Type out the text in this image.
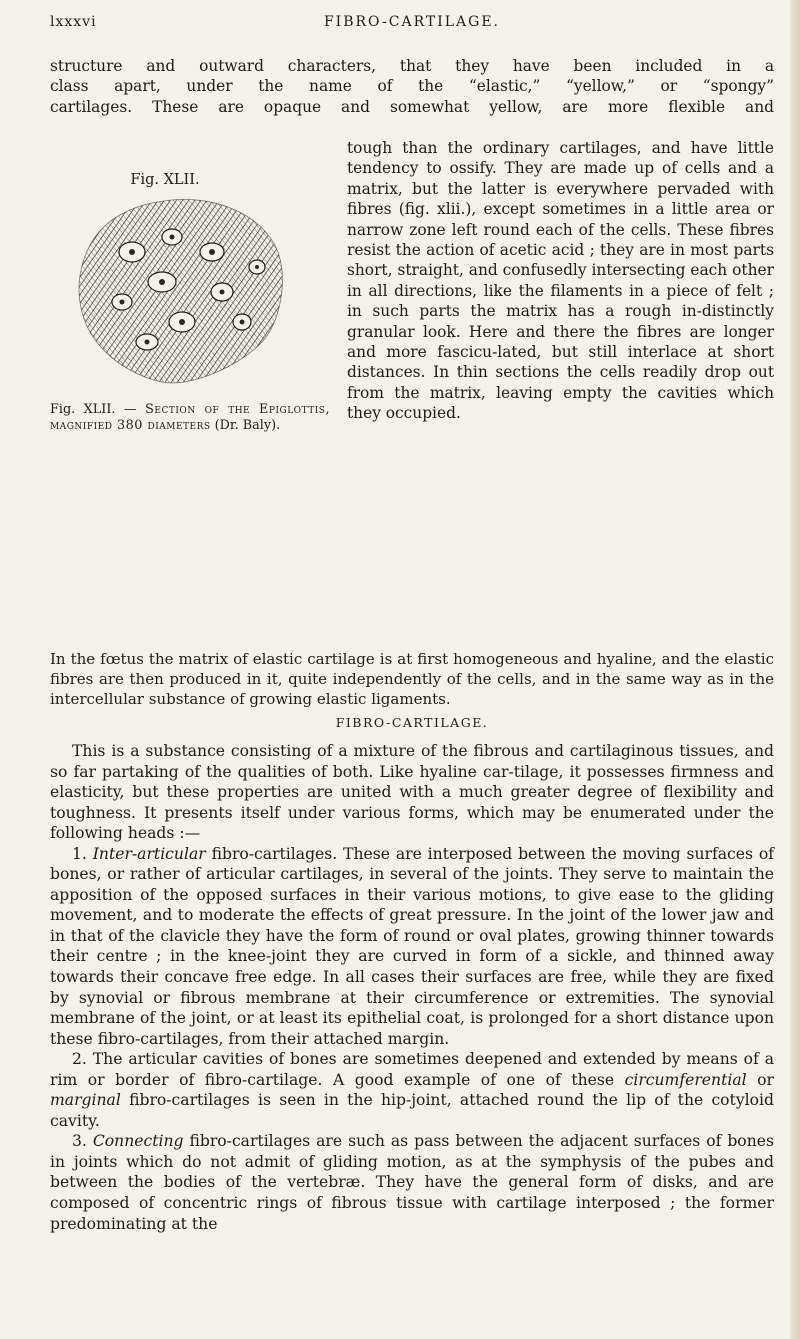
lxxxvi	FIBRO-CARTILAGE.

structure and outward characters, that they have been included in a

class apart, under the name of the “elastic,” “yellow,” or “spongy”

cartilages. These are opaque and somewhat yellow, are more flexible and

Fig. XLII.
Fig. XLII. — Section of the Epiglottis, magnified 380 diameters (Dr. Baly).

tough than the ordinary cartilages, and have little tendency to ossify. They are made up of cells and a matrix, but the latter is everywhere pervaded with fibres (fig. xlii.), except sometimes in a little area or narrow zone left round each of the cells. These fibres resist the action of acetic acid ; they are in most parts short, straight, and confusedly intersecting each other in all directions, like the filaments in a piece of felt ; in such parts the matrix has a rough in-distinctly granular look. Here and there the fibres are longer and more fascicu-lated, but still interlace at short distances. In thin sections the cells readily drop out from the matrix, leaving empty the cavities which they occupied.

In the fœtus the matrix of elastic cartilage is at first homogeneous and hyaline, and the elastic fibres are then produced in it, quite independently of the cells, and in the same way as in the intercellular substance of growing elastic ligaments.

FIBRO-CARTILAGE.

This is a substance consisting of a mixture of the fibrous and cartilaginous tissues, and so far partaking of the qualities of both. Like hyaline car-tilage, it possesses firmness and elasticity, but these properties are united with a much greater degree of flexibility and toughness. It presents itself under various forms, which may be enumerated under the following heads :—

1. Inter-articular fibro-cartilages. These are interposed between the moving surfaces of bones, or rather of articular cartilages, in several of the joints. They serve to maintain the apposition of the opposed surfaces in their various motions, to give ease to the gliding movement, and to moderate the effects of great pressure. In the joint of the lower jaw and in that of the clavicle they have the form of round or oval plates, growing thinner towards their centre ; in the knee-joint they are curved in form of a sickle, and thinned away towards their concave free edge. In all cases their surfaces are free, while they are fixed by synovial or fibrous membrane at their circumference or extremities. The synovial membrane of the joint, or at least its epithelial coat, is prolonged for a short distance upon these fibro-cartilages, from their attached margin.

2. The articular cavities of bones are sometimes deepened and extended by means of a rim or border of fibro-cartilage. A good example of one of these circumferential or marginal fibro-cartilages is seen in the hip-joint, attached round the lip of the cotyloid cavity.

3. Connecting fibro-cartilages are such as pass between the adjacent surfaces of bones in joints which do not admit of gliding motion, as at the symphysis of the pubes and between the bodies of the vertebræ. They have the general form of disks, and are composed of concentric rings of fibrous tissue with cartilage interposed ; the former predominating at the
